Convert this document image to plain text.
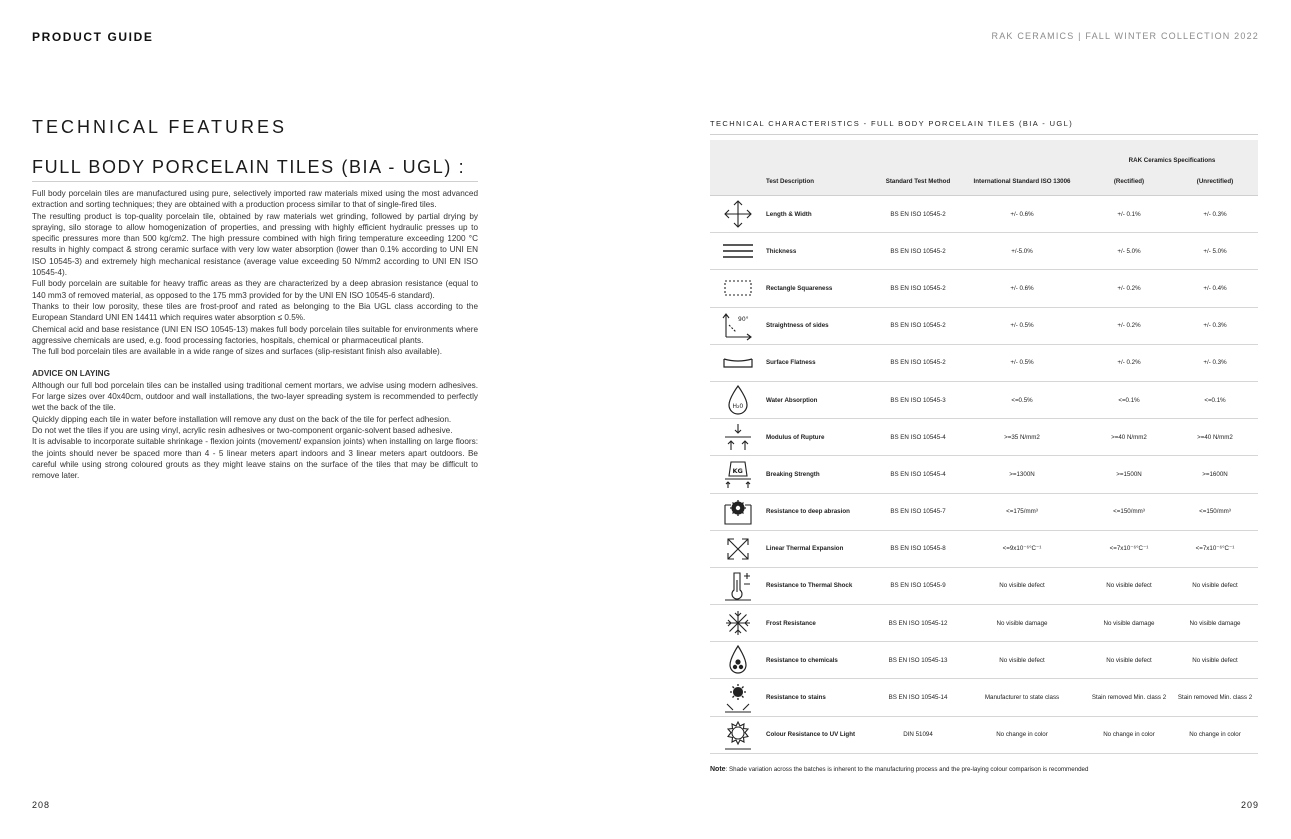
PRODUCT GUIDE	RAK CERAMICS | FALL WINTER COLLECTION 2022
TECHNICAL FEATURES
FULL BODY PORCELAIN TILES (BIA - UGL) :

Full body porcelain tiles are manufactured using pure, selectively imported raw materials mixed using the most advanced extraction and sorting techniques; they are obtained with a production process similar to that of single-fired tiles.

The resulting product is top-quality porcelain tile, obtained by raw materials wet grinding, followed by partial drying by spraying, silo storage to allow homogenization of properties, and pressing with highly efficient hydraulic presses up to specific pressures more than 500 kg/cm2. The high pressure combined with high firing temperature exceeding 1200 °C results in highly compact & strong ceramic surface with very low water absorption (lower than 0.1% according to UNI EN ISO 10545-3) and extremely high mechanical resistance (average value exceeding 50 N/mm2 according to UNI EN ISO 10545-4).

Full body porcelain are suitable for heavy traffic areas as they are characterized by a deep abrasion resistance (equal to 140 mm3 of removed material, as opposed to the 175 mm3 provided for by the UNI EN ISO 10545-6 standard).

Thanks to their low porosity, these tiles are frost-proof and rated as belonging to the Bia UGL class according to the European Standard UNI EN 14411 which requires water absorption ≤ 0.5%.

Chemical acid and base resistance (UNI EN ISO 10545-13) makes full body porcelain tiles suitable for environments where aggressive chemicals are used, e.g. food processing factories, hospitals, chemical or pharmaceutical plants.

The full bod porcelain tiles are available in a wide range of sizes and surfaces (slip-resistant finish also available).

ADVICE ON LAYING

Although our full bod porcelain tiles can be installed using traditional cement mortars, we advise using modern adhesives. For large sizes over 40x40cm, outdoor and wall installations, the two-layer spreading system is recommended to perfectly wet the back of the tile.

Quickly dipping each tile in water before installation will remove any dust on the back of the tile for perfect adhesion.

Do not wet the tiles if you are using vinyl, acrylic resin adhesives or two-component organic-solvent based adhesive.

It is advisable to incorporate suitable shrinkage - flexion joints (movement/ expansion joints) when installing on large floors: the joints should never be spaced more than 4 - 5 linear meters apart indoors and 3 linear meters apart outdoors. Be careful while using strong coloured grouts as they might leave stains on the surface of the tiles that may be difficult to remove later.

208
TECHNICAL CHARACTERISTICS - FULL BODY PORCELAIN TILES (BIA - UGL)
				RAK Ceramics Specifications	
	Test Description	Standard Test Method	International Standard ISO 13006	(Rectified)	(Unrectified)

	Length & Width	BS EN ISO 10545-2	+/- 0.6%	+/- 0.1%	+/- 0.3%

	Thickness	BS EN ISO 10545-2	+/-5.0%	+/- 5.0%	+/- 5.0%

	Rectangle Squareness	BS EN ISO 10545-2	+/- 0.6%	+/- 0.2%	+/- 0.4%

90°	Straightness of sides	BS EN ISO 10545-2	+/- 0.5%	+/- 0.2%	+/- 0.3%

	Surface Flatness	BS EN ISO 10545-2	+/- 0.5%	+/- 0.2%	+/- 0.3%

H₂0	Water Absorption	BS EN ISO 10545-3	<=0.5%	<=0.1%	<=0.1%

	Modulus of Rupture	BS EN ISO 10545-4	>=35 N/mm2	>=40 N/mm2	>=40 N/mm2

KG	Breaking Strength	BS EN ISO 10545-4	>=1300N	>=1500N	>=1600N

	Resistance to deep abrasion	BS EN ISO 10545-7	<=175/mm³	<=150/mm³	<=150/mm³

	Linear Thermal Expansion	BS EN ISO 10545-8	<=9x10⁻⁶°C⁻¹	<=7x10⁻⁶°C⁻¹	<=7x10⁻⁶°C⁻¹

	Resistance to Thermal Shock	BS EN ISO 10545-9	No visible defect	No visible defect	No visible defect

	Frost Resistance	BS EN ISO 10545-12	No visible damage	No visible damage	No visible damage

	Resistance to chemicals	BS EN ISO 10545-13	No visible defect	No visible defect	No visible defect

	Resistance to stains	BS EN ISO 10545-14	Manufacturer to state class	Stain removed Min. class 2	Stain removed Min. class 2

	Colour Resistance to UV Light	DIN 51094	No change in color	No change in color	No change in color
Note: Shade variation across the batches is inherent to the manufacturing process and the pre-laying colour comparison is recommended
209
